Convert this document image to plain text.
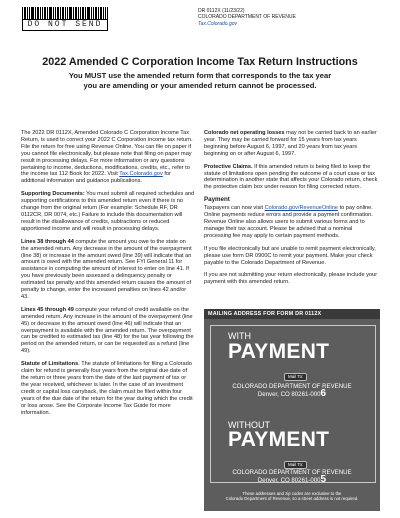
DO NOT SEND
DR 0112X (11/23/22)
COLORADO DEPARTMENT OF REVENUE
Tax.Colorado.gov
2022 Amended C Corporation Income Tax Return Instructions
You MUST use the amended return form that corresponds to the tax year
you are amending or your amended return cannot be processed.

The 2022 DR 0112X, Amended Colorado C Corporation Income Tax Return, is used to correct your 2022 C Corporation income tax return. File the return for free using Revenue Online. You can file on paper if you cannot file electronically, but please note that filing on paper may result in processing delays. For more information or any questions pertaining to income, deductions, modifications, credits, etc., refer to the income tax 112 Book for 2022. Visit Tax.Colorado.gov for additional information and guidance publications.

Supporting Documents: You must submit all required schedules and supporting certifications to this amended return even if there is no change from the original return (For example: Schedule RF, DR 0112CR, DR 0074, etc.) Failure to include this documentation will result in the disallowance of credits, subtractions or reduced apportioned income and will result in processing delays.

Lines 38 through 44 compute the amount you owe to the state on the amended return. Any decrease in the amount of the overpayment (line 38) or increase in the amount owed (line 39) will indicate that an amount is owed with the amended return. See FYI General 11 for assistance in computing the amount of interest to enter on line 41. If you have previously been assessed a delinquency penalty or estimated tax penalty and this amended return causes the amount of penalty to change, enter the increased penalties on lines 42 and/or 43.

Lines 45 through 49 compute your refund of credit available on the amended return. Any increase in the amount of the overpayment (line 45) or decrease in the amount owed (line 46) will indicate that an overpayment is available with the amended return. The overpayment can be credited to estimated tax (line 48) for the tax year following the period on the amended return, or can be requested as a refund (line 49).

Statute of Limitations. The statute of limitations for filing a Colorado claim for refund is generally four years from the original due date of the return or three years from the date of the last payment of tax or the year received, whichever is later. In the case of an investment credit or capital loss carryback, the claim must be filed within four years of the due date of the return for the year during which the credit or loss arose. See the Corporate Income Tax Guide for more information.

Colorado net operating losses may not be carried back to an earlier year. They may be carried forward for 15 years from tax years beginning before August 6, 1997, and 20 years from tax years beginning on or after August 6, 1997.

Protective Claims. If this amended return is being filed to keep the statute of limitations open pending the outcome of a court case or tax determination in another state that affects your Colorado return, check the protective claim box under reason for filing corrected return.

Payment

Taxpayers can now visit Colorado.gov/RevenueOnline to pay online. Online payments reduce errors and provide a payment confirmation. Revenue Online also allows users to submit various forms and to manage their tax account. Please be advised that a nominal processing fee may apply to certain payment methods.

If you file electronically but are unable to remit payment electronically, please use form DR 0900C to remit your payment. Make your check payable to the Colorado Department of Revenue.

If you are not submitting your return electronically, please include your payment with this amended return.

MAILING ADDRESS FOR FORM DR 0112X
WITH
PAYMENT
Mail To:
COLORADO DEPARTMENT OF REVENUE
Denver, CO 80261-0006
WITHOUT
PAYMENT
Mail To:
COLORADO DEPARTMENT OF REVENUE
Denver, CO 80261-0005
These addresses and zip codes are exclusive to the
Colorado Department of Revenue, so a street address is not required.
